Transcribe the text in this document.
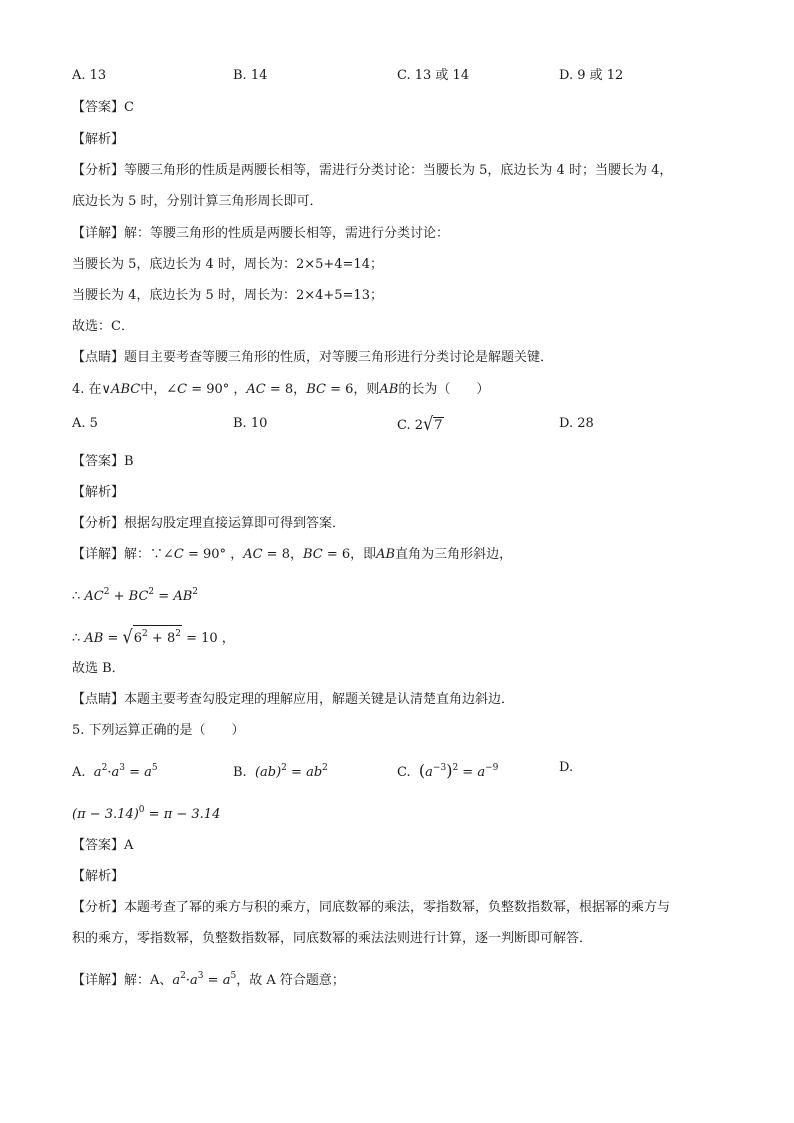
A. 13	B. 14	C. 13 或 14	D. 9 或 12
【答案】C
【解析】
【分析】等腰三角形的性质是两腰长相等，需进行分类讨论：当腰长为 5，底边长为 4 时；当腰长为 4，
底边长为 5 时，分别计算三角形周长即可．
【详解】解：等腰三角形的性质是两腰长相等，需进行分类讨论：
当腰长为 5，底边长为 4 时，周长为：2×5+4=14；
当腰长为 4，底边长为 5 时，周长为：2×4+5=13；
故选：C．
【点睛】题目主要考查等腰三角形的性质，对等腰三角形进行分类讨论是解题关键．
4. 在∨ABC中，∠C = 90° ，AC = 8，BC = 6，则AB的长为（　　）
A. 5	B. 10	C. 2√7	D. 28
【答案】B
【解析】
【分析】根据勾股定理直接运算即可得到答案．
【详解】解：∵∠C = 90° ，AC = 8，BC = 6，即AB直角为三角形斜边，
∴ $AC^2 + BC^2 = AB^2$
∴ AB = $√6^2 + 8^2 = 10$ ，
故选 B．
【点睛】本题主要考查勾股定理的理解应用，解题关键是认清楚直角边斜边．
5. 下列运算正确的是（　　）
A. $a^2\cdot a^3 = a^5$	B. $(ab)^2 = ab^2$	C. $(a^{-3})^2 = a^{-9}$	D.
$(\pi - 3.14)^0 = \pi - 3.14$
【答案】A
【解析】
【分析】本题考查了幂的乘方与积的乘方，同底数幂的乘法，零指数幂，负整数指数幂，根据幂的乘方与
积的乘方，零指数幂，负整数指数幂，同底数幂的乘法法则进行计算，逐一判断即可解答．
【详解】解：A、$a^2\cdot a^3 = a^5$，故 A 符合题意；
